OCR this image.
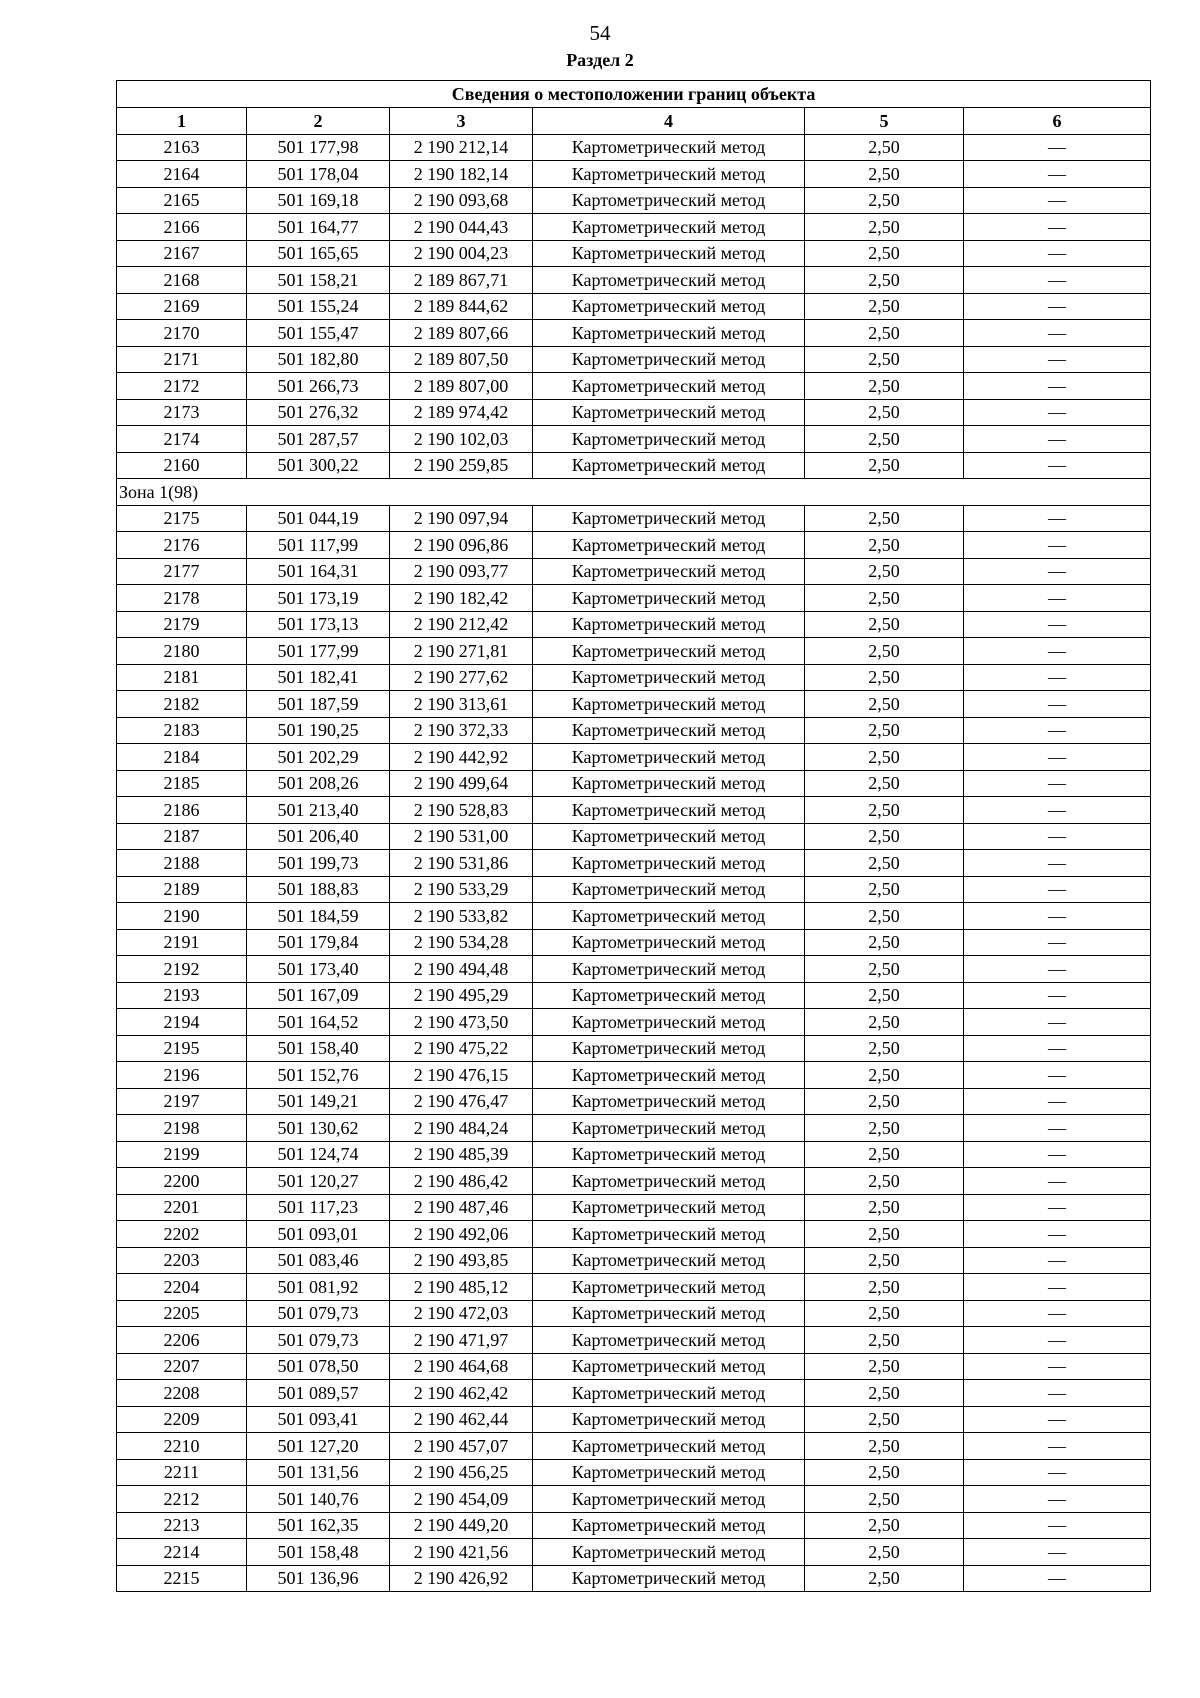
54
Раздел 2
Сведения о местоположении границ объекта					
1	2	3	4	5	6
2163	501 177,98	2 190 212,14	Картометрический метод	2,50	—
2164	501 178,04	2 190 182,14	Картометрический метод	2,50	—
2165	501 169,18	2 190 093,68	Картометрический метод	2,50	—
2166	501 164,77	2 190 044,43	Картометрический метод	2,50	—
2167	501 165,65	2 190 004,23	Картометрический метод	2,50	—
2168	501 158,21	2 189 867,71	Картометрический метод	2,50	—
2169	501 155,24	2 189 844,62	Картометрический метод	2,50	—
2170	501 155,47	2 189 807,66	Картометрический метод	2,50	—
2171	501 182,80	2 189 807,50	Картометрический метод	2,50	—
2172	501 266,73	2 189 807,00	Картометрический метод	2,50	—
2173	501 276,32	2 189 974,42	Картометрический метод	2,50	—
2174	501 287,57	2 190 102,03	Картометрический метод	2,50	—
2160	501 300,22	2 190 259,85	Картометрический метод	2,50	—
Зона 1(98)					
2175	501 044,19	2 190 097,94	Картометрический метод	2,50	—
2176	501 117,99	2 190 096,86	Картометрический метод	2,50	—
2177	501 164,31	2 190 093,77	Картометрический метод	2,50	—
2178	501 173,19	2 190 182,42	Картометрический метод	2,50	—
2179	501 173,13	2 190 212,42	Картометрический метод	2,50	—
2180	501 177,99	2 190 271,81	Картометрический метод	2,50	—
2181	501 182,41	2 190 277,62	Картометрический метод	2,50	—
2182	501 187,59	2 190 313,61	Картометрический метод	2,50	—
2183	501 190,25	2 190 372,33	Картометрический метод	2,50	—
2184	501 202,29	2 190 442,92	Картометрический метод	2,50	—
2185	501 208,26	2 190 499,64	Картометрический метод	2,50	—
2186	501 213,40	2 190 528,83	Картометрический метод	2,50	—
2187	501 206,40	2 190 531,00	Картометрический метод	2,50	—
2188	501 199,73	2 190 531,86	Картометрический метод	2,50	—
2189	501 188,83	2 190 533,29	Картометрический метод	2,50	—
2190	501 184,59	2 190 533,82	Картометрический метод	2,50	—
2191	501 179,84	2 190 534,28	Картометрический метод	2,50	—
2192	501 173,40	2 190 494,48	Картометрический метод	2,50	—
2193	501 167,09	2 190 495,29	Картометрический метод	2,50	—
2194	501 164,52	2 190 473,50	Картометрический метод	2,50	—
2195	501 158,40	2 190 475,22	Картометрический метод	2,50	—
2196	501 152,76	2 190 476,15	Картометрический метод	2,50	—
2197	501 149,21	2 190 476,47	Картометрический метод	2,50	—
2198	501 130,62	2 190 484,24	Картометрический метод	2,50	—
2199	501 124,74	2 190 485,39	Картометрический метод	2,50	—
2200	501 120,27	2 190 486,42	Картометрический метод	2,50	—
2201	501 117,23	2 190 487,46	Картометрический метод	2,50	—
2202	501 093,01	2 190 492,06	Картометрический метод	2,50	—
2203	501 083,46	2 190 493,85	Картометрический метод	2,50	—
2204	501 081,92	2 190 485,12	Картометрический метод	2,50	—
2205	501 079,73	2 190 472,03	Картометрический метод	2,50	—
2206	501 079,73	2 190 471,97	Картометрический метод	2,50	—
2207	501 078,50	2 190 464,68	Картометрический метод	2,50	—
2208	501 089,57	2 190 462,42	Картометрический метод	2,50	—
2209	501 093,41	2 190 462,44	Картометрический метод	2,50	—
2210	501 127,20	2 190 457,07	Картометрический метод	2,50	—
2211	501 131,56	2 190 456,25	Картометрический метод	2,50	—
2212	501 140,76	2 190 454,09	Картометрический метод	2,50	—
2213	501 162,35	2 190 449,20	Картометрический метод	2,50	—
2214	501 158,48	2 190 421,56	Картометрический метод	2,50	—
2215	501 136,96	2 190 426,92	Картометрический метод	2,50	—
